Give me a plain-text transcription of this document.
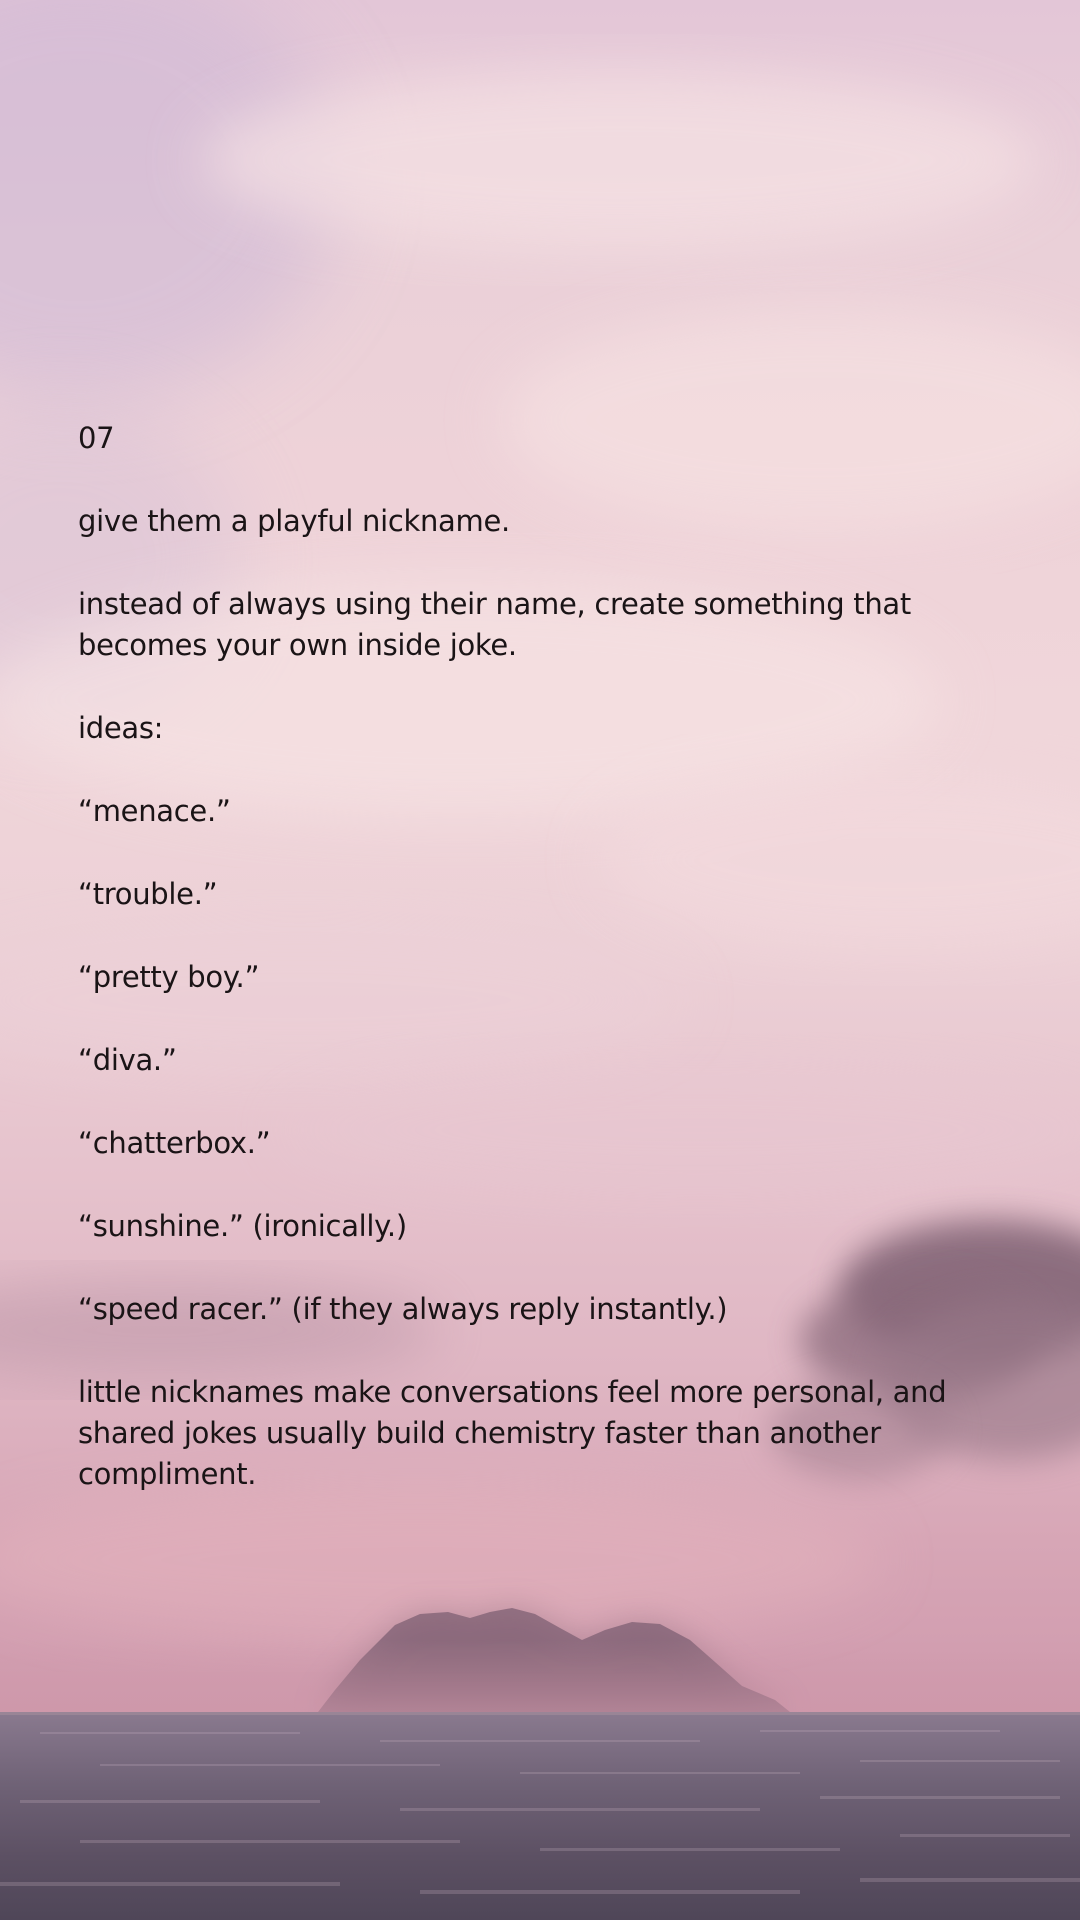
07

give them a playful nickname.

instead of always using their name, create something that becomes your own inside joke.

ideas:

“menace.”

“trouble.”

“pretty boy.”

“diva.”

“chatterbox.”

“sunshine.” (ironically.)

“speed racer.” (if they always reply instantly.)

little nicknames make conversations feel more personal, and shared jokes usually build chemistry faster than another compliment.
